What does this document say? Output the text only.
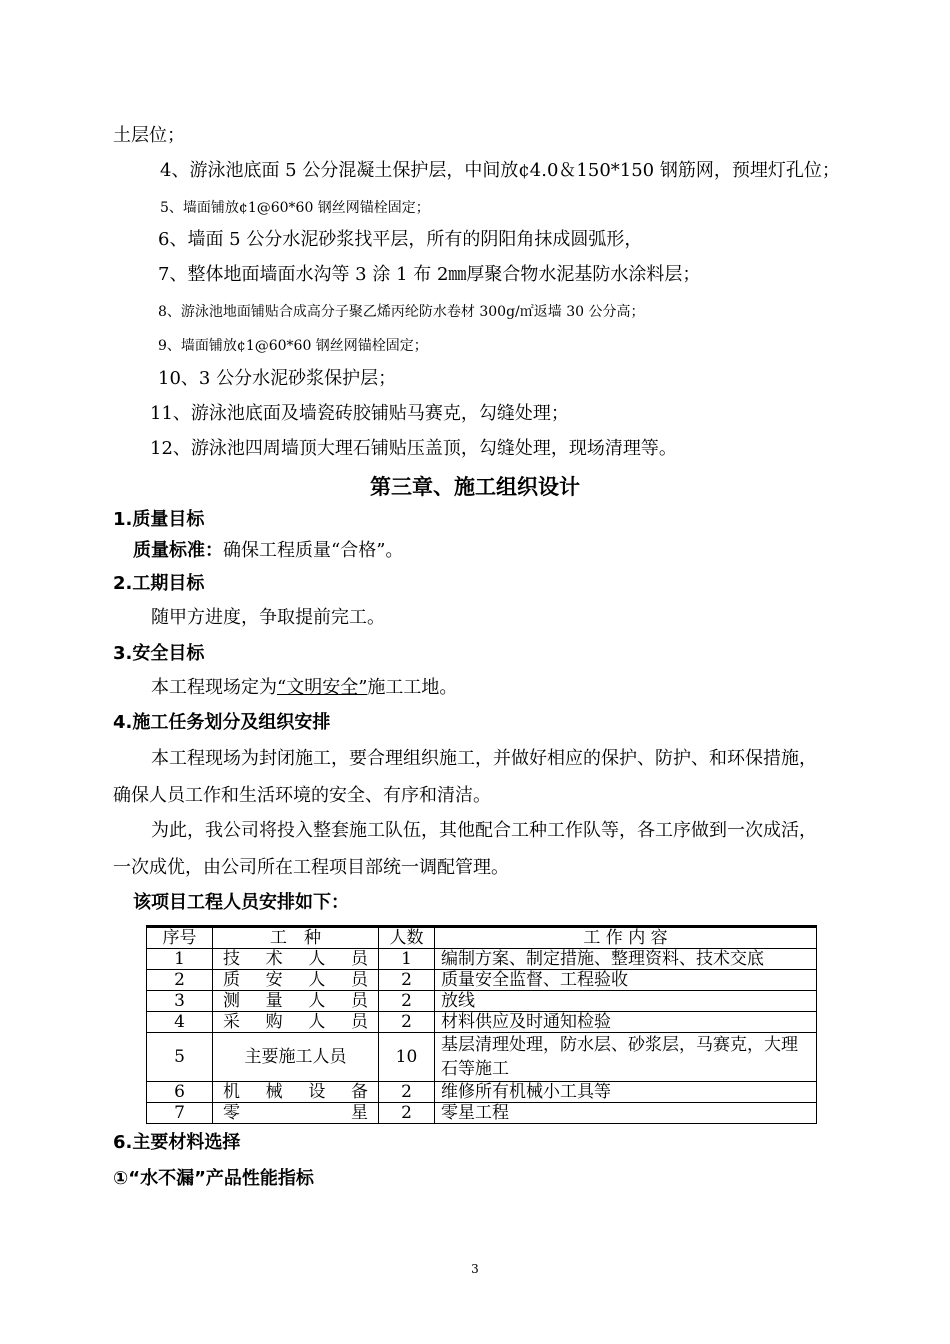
土层位；
4、游泳池底面 5 公分混凝土保护层，中间放¢4.0＆150*150 钢筋网，预埋灯孔位；
5、墙面铺放¢1@60*60 钢丝网锚栓固定；
6、墙面 5 公分水泥砂浆找平层，所有的阴阳角抹成圆弧形，
7、整体地面墙面水沟等 3 涂 1 布 2㎜厚聚合物水泥基防水涂料层；
8、游泳池地面铺贴合成高分子聚乙烯丙纶防水卷材 300g/㎡返墙 30 公分高；
9、墙面铺放¢1@60*60 钢丝网锚栓固定；
10、3 公分水泥砂浆保护层；
11、游泳池底面及墙瓷砖胶铺贴马赛克，勾缝处理；
12、游泳池四周墙顶大理石铺贴压盖顶，勾缝处理，现场清理等。
第三章、施工组织设计
1.质量目标
质量标准：确保工程质量“合格”。
2.工期目标
随甲方进度，争取提前完工。
3.安全目标
本工程现场定为“文明安全”施工工地。
4.施工任务划分及组织安排
本工程现场为封闭施工，要合理组织施工，并做好相应的保护、防护、和环保措施，
确保人员工作和生活环境的安全、有序和清洁。
为此，我公司将投入整套施工队伍，其他配合工种工作队等，各工序做到一次成活，
一次成优，由公司所在工程项目部统一调配管理。
该项目工程人员安排如下：
序号	工　种	人数	工 作 内 容
1	技术人员	1	编制方案、制定措施、整理资料、技术交底
2	质安人员	2	质量安全监督、工程验收
3	测量人员	2	放线
4	采购人员	2	材料供应及时通知检验
5	主要施工人员	10	基层清理处理，防水层、砂浆层，马赛克，大理石等施工
6	机械设备	2	维修所有机械小工具等
7	零星	2	零星工程
6.主要材料选择
①“水不漏”产品性能指标
3
